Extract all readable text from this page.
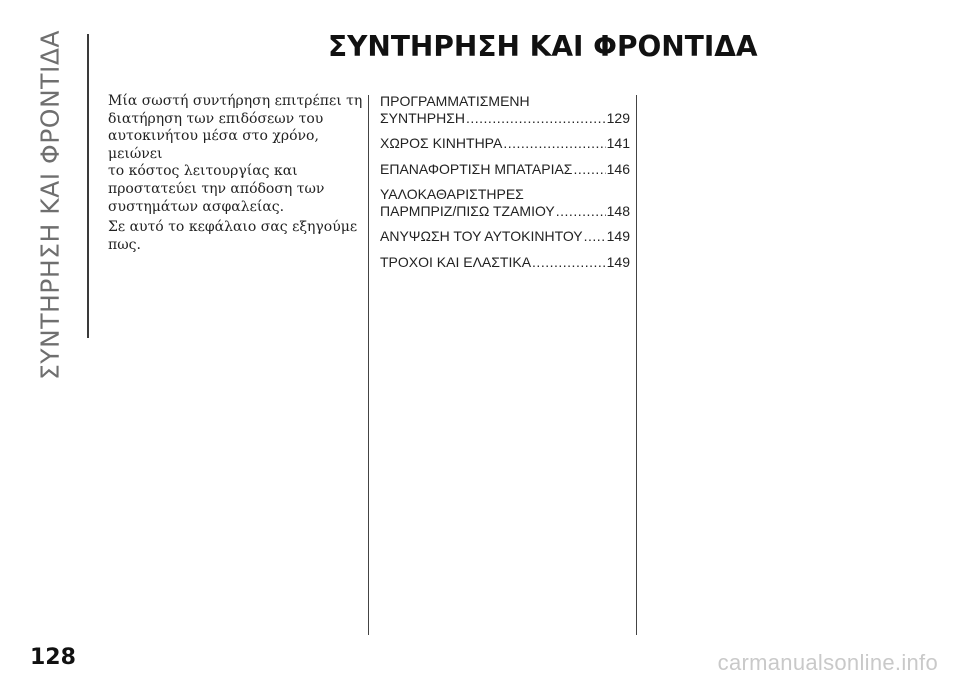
ΣΥΝΤΗΡΗΣΗ ΚΑΙ ΦΡΟΝΤΙΔΑ	ΣΥΝΤΗΡΗΣΗ ΚΑΙ ΦΡΟΝΤΙΔΑ

Μία σωστή συντήρηση επιτρέπει τη
διατήρηση των επιδόσεων του
αυτοκινήτου μέσα στο χρόνο, μειώνει
το κόστος λειτουργίας και
προστατεύει την απόδοση των
συστημάτων ασφαλείας.

Σε αυτό το κεφάλαιο σας εξηγούμε
πως.

ΠΡΟΓΡΑΜΜΑΤΙΣΜΕΝΗ
ΣΥΝΤΗΡΗΣΗ .....	129
ΧΩΡΟΣ ΚΙΝΗΤΗΡΑ .....	141
ΕΠΑΝΑΦΟΡΤΙΣΗ ΜΠΑΤΑΡΙΑΣ ..... 146
ΥΑΛΟΚΑΘΑΡΙΣΤΗΡΕΣ
ΠΑΡΜΠΡΙΖ/ΠΙΣΩ ΤΖΑΜΙΟΥ .....	148
ΑΝΥΨΩΣΗ ΤΟΥ ΑΥΤΟΚΙΝΗΤΟΥ ..... 149
ΤΡΟΧΟΙ ΚΑΙ ΕΛΑΣΤΙΚΑ .....	149
128	carmanualsonline.info
